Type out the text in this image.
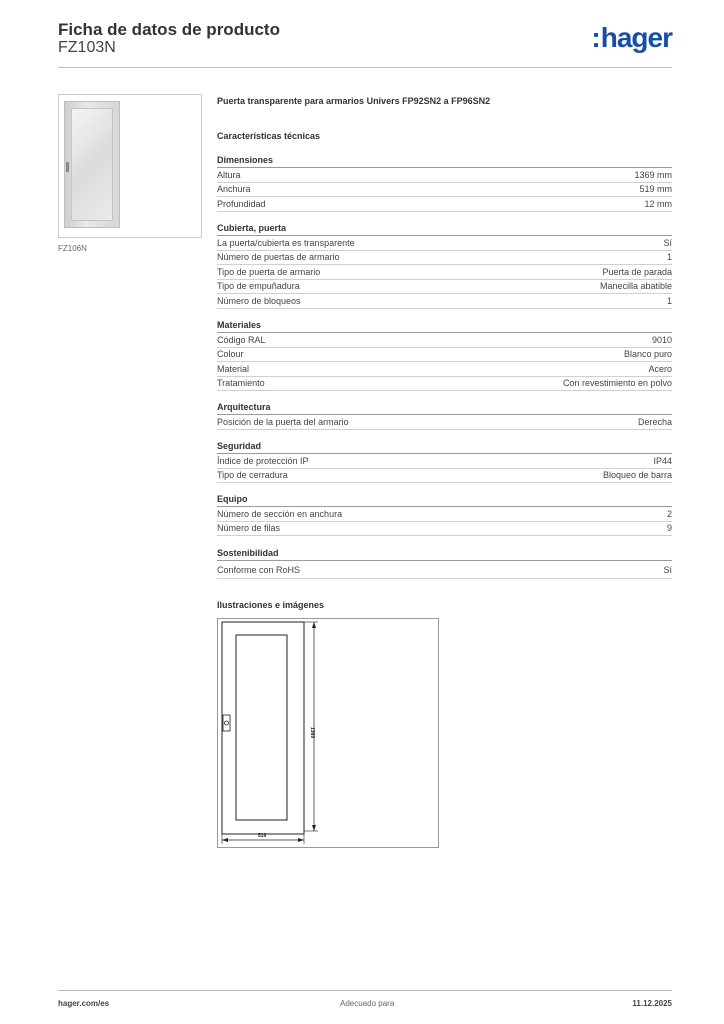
Ficha de datos de producto
FZ103N	:hager
FZ106N
Puerta transparente para armarios Univers FP92SN2 a FP96SN2
Características técnicas
Dimensiones
Altura	1369 mm
Anchura	519 mm
Profundidad	12 mm
Cubierta, puerta
La puerta/cubierta es transparente	Sí
Número de puertas de armario	1
Tipo de puerta de armario	Puerta de parada
Tipo de empuñadura	Manecilla abatible
Número de bloqueos	1
Materiales
Código RAL	9010
Colour	Blanco puro
Material	Acero
Tratamiento	Con revestimiento en polvo
Arquitectura
Posición de la puerta del armario	Derecha
Seguridad
Índice de protección IP	IP44
Tipo de cerradura	Bloqueo de barra
Equipo
Número de sección en anchura	2
Número de filas	9
Sostenibilidad
Conforme con RoHS	Sí
Ilustraciones e imágenes
1369
519
hager.com/es	Adecuado para	11.12.2025
